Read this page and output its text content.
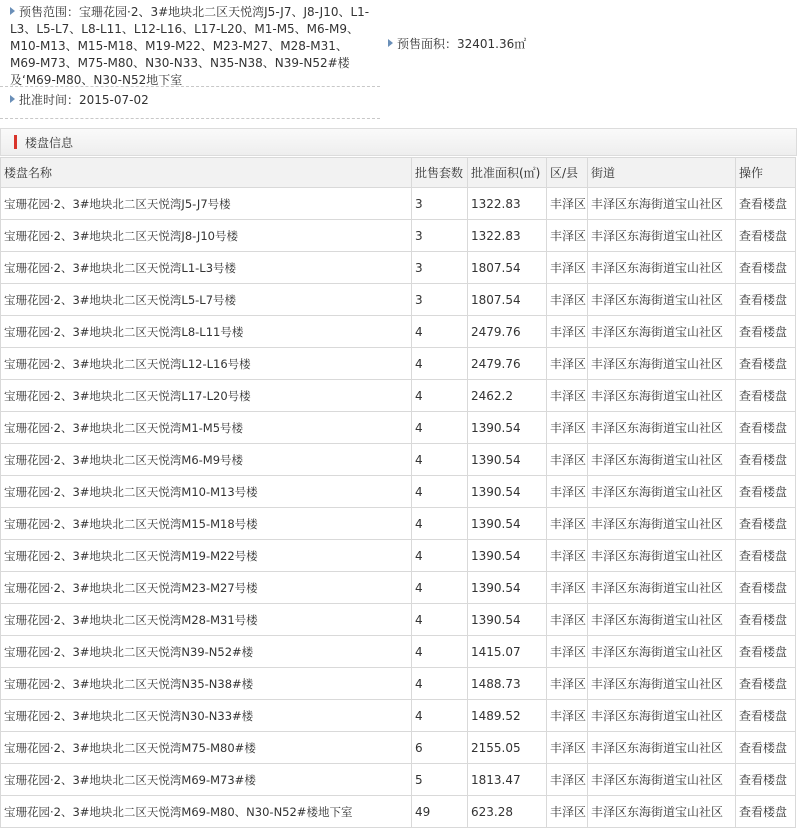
预售范围：宝珊花园·2、3#地块北二区天悦湾J5-J7、J8-J10、L1-L3、L5-L7、L8-L11、L12-L16、L17-L20、M1-M5、M6-M9、M10-M13、M15-M18、M19-M22、M23-M27、M28-M31、M69-M73、M75-M80、N30-N33、N35-N38、N39-N52#楼及‘M69-M80、N30-N52地下室
预售面积：32401.36㎡
批准时间：2015-07-02
楼盘信息
楼盘名称	批售套数	批准面积(㎡)	区/县	街道	操作
宝珊花园·2、3#地块北二区天悦湾J5-J7号楼	3	1322.83	丰泽区	丰泽区东海街道宝山社区	查看楼盘
宝珊花园·2、3#地块北二区天悦湾J8-J10号楼	3	1322.83	丰泽区	丰泽区东海街道宝山社区	查看楼盘
宝珊花园·2、3#地块北二区天悦湾L1-L3号楼	3	1807.54	丰泽区	丰泽区东海街道宝山社区	查看楼盘
宝珊花园·2、3#地块北二区天悦湾L5-L7号楼	3	1807.54	丰泽区	丰泽区东海街道宝山社区	查看楼盘
宝珊花园·2、3#地块北二区天悦湾L8-L11号楼	4	2479.76	丰泽区	丰泽区东海街道宝山社区	查看楼盘
宝珊花园·2、3#地块北二区天悦湾L12-L16号楼	4	2479.76	丰泽区	丰泽区东海街道宝山社区	查看楼盘
宝珊花园·2、3#地块北二区天悦湾L17-L20号楼	4	2462.2	丰泽区	丰泽区东海街道宝山社区	查看楼盘
宝珊花园·2、3#地块北二区天悦湾M1-M5号楼	4	1390.54	丰泽区	丰泽区东海街道宝山社区	查看楼盘
宝珊花园·2、3#地块北二区天悦湾M6-M9号楼	4	1390.54	丰泽区	丰泽区东海街道宝山社区	查看楼盘
宝珊花园·2、3#地块北二区天悦湾M10-M13号楼	4	1390.54	丰泽区	丰泽区东海街道宝山社区	查看楼盘
宝珊花园·2、3#地块北二区天悦湾M15-M18号楼	4	1390.54	丰泽区	丰泽区东海街道宝山社区	查看楼盘
宝珊花园·2、3#地块北二区天悦湾M19-M22号楼	4	1390.54	丰泽区	丰泽区东海街道宝山社区	查看楼盘
宝珊花园·2、3#地块北二区天悦湾M23-M27号楼	4	1390.54	丰泽区	丰泽区东海街道宝山社区	查看楼盘
宝珊花园·2、3#地块北二区天悦湾M28-M31号楼	4	1390.54	丰泽区	丰泽区东海街道宝山社区	查看楼盘
宝珊花园·2、3#地块北二区天悦湾N39-N52#楼	4	1415.07	丰泽区	丰泽区东海街道宝山社区	查看楼盘
宝珊花园·2、3#地块北二区天悦湾N35-N38#楼	4	1488.73	丰泽区	丰泽区东海街道宝山社区	查看楼盘
宝珊花园·2、3#地块北二区天悦湾N30-N33#楼	4	1489.52	丰泽区	丰泽区东海街道宝山社区	查看楼盘
宝珊花园·2、3#地块北二区天悦湾M75-M80#楼	6	2155.05	丰泽区	丰泽区东海街道宝山社区	查看楼盘
宝珊花园·2、3#地块北二区天悦湾M69-M73#楼	5	1813.47	丰泽区	丰泽区东海街道宝山社区	查看楼盘
宝珊花园·2、3#地块北二区天悦湾M69-M80、N30-N52#楼地下室	49	623.28	丰泽区	丰泽区东海街道宝山社区	查看楼盘
